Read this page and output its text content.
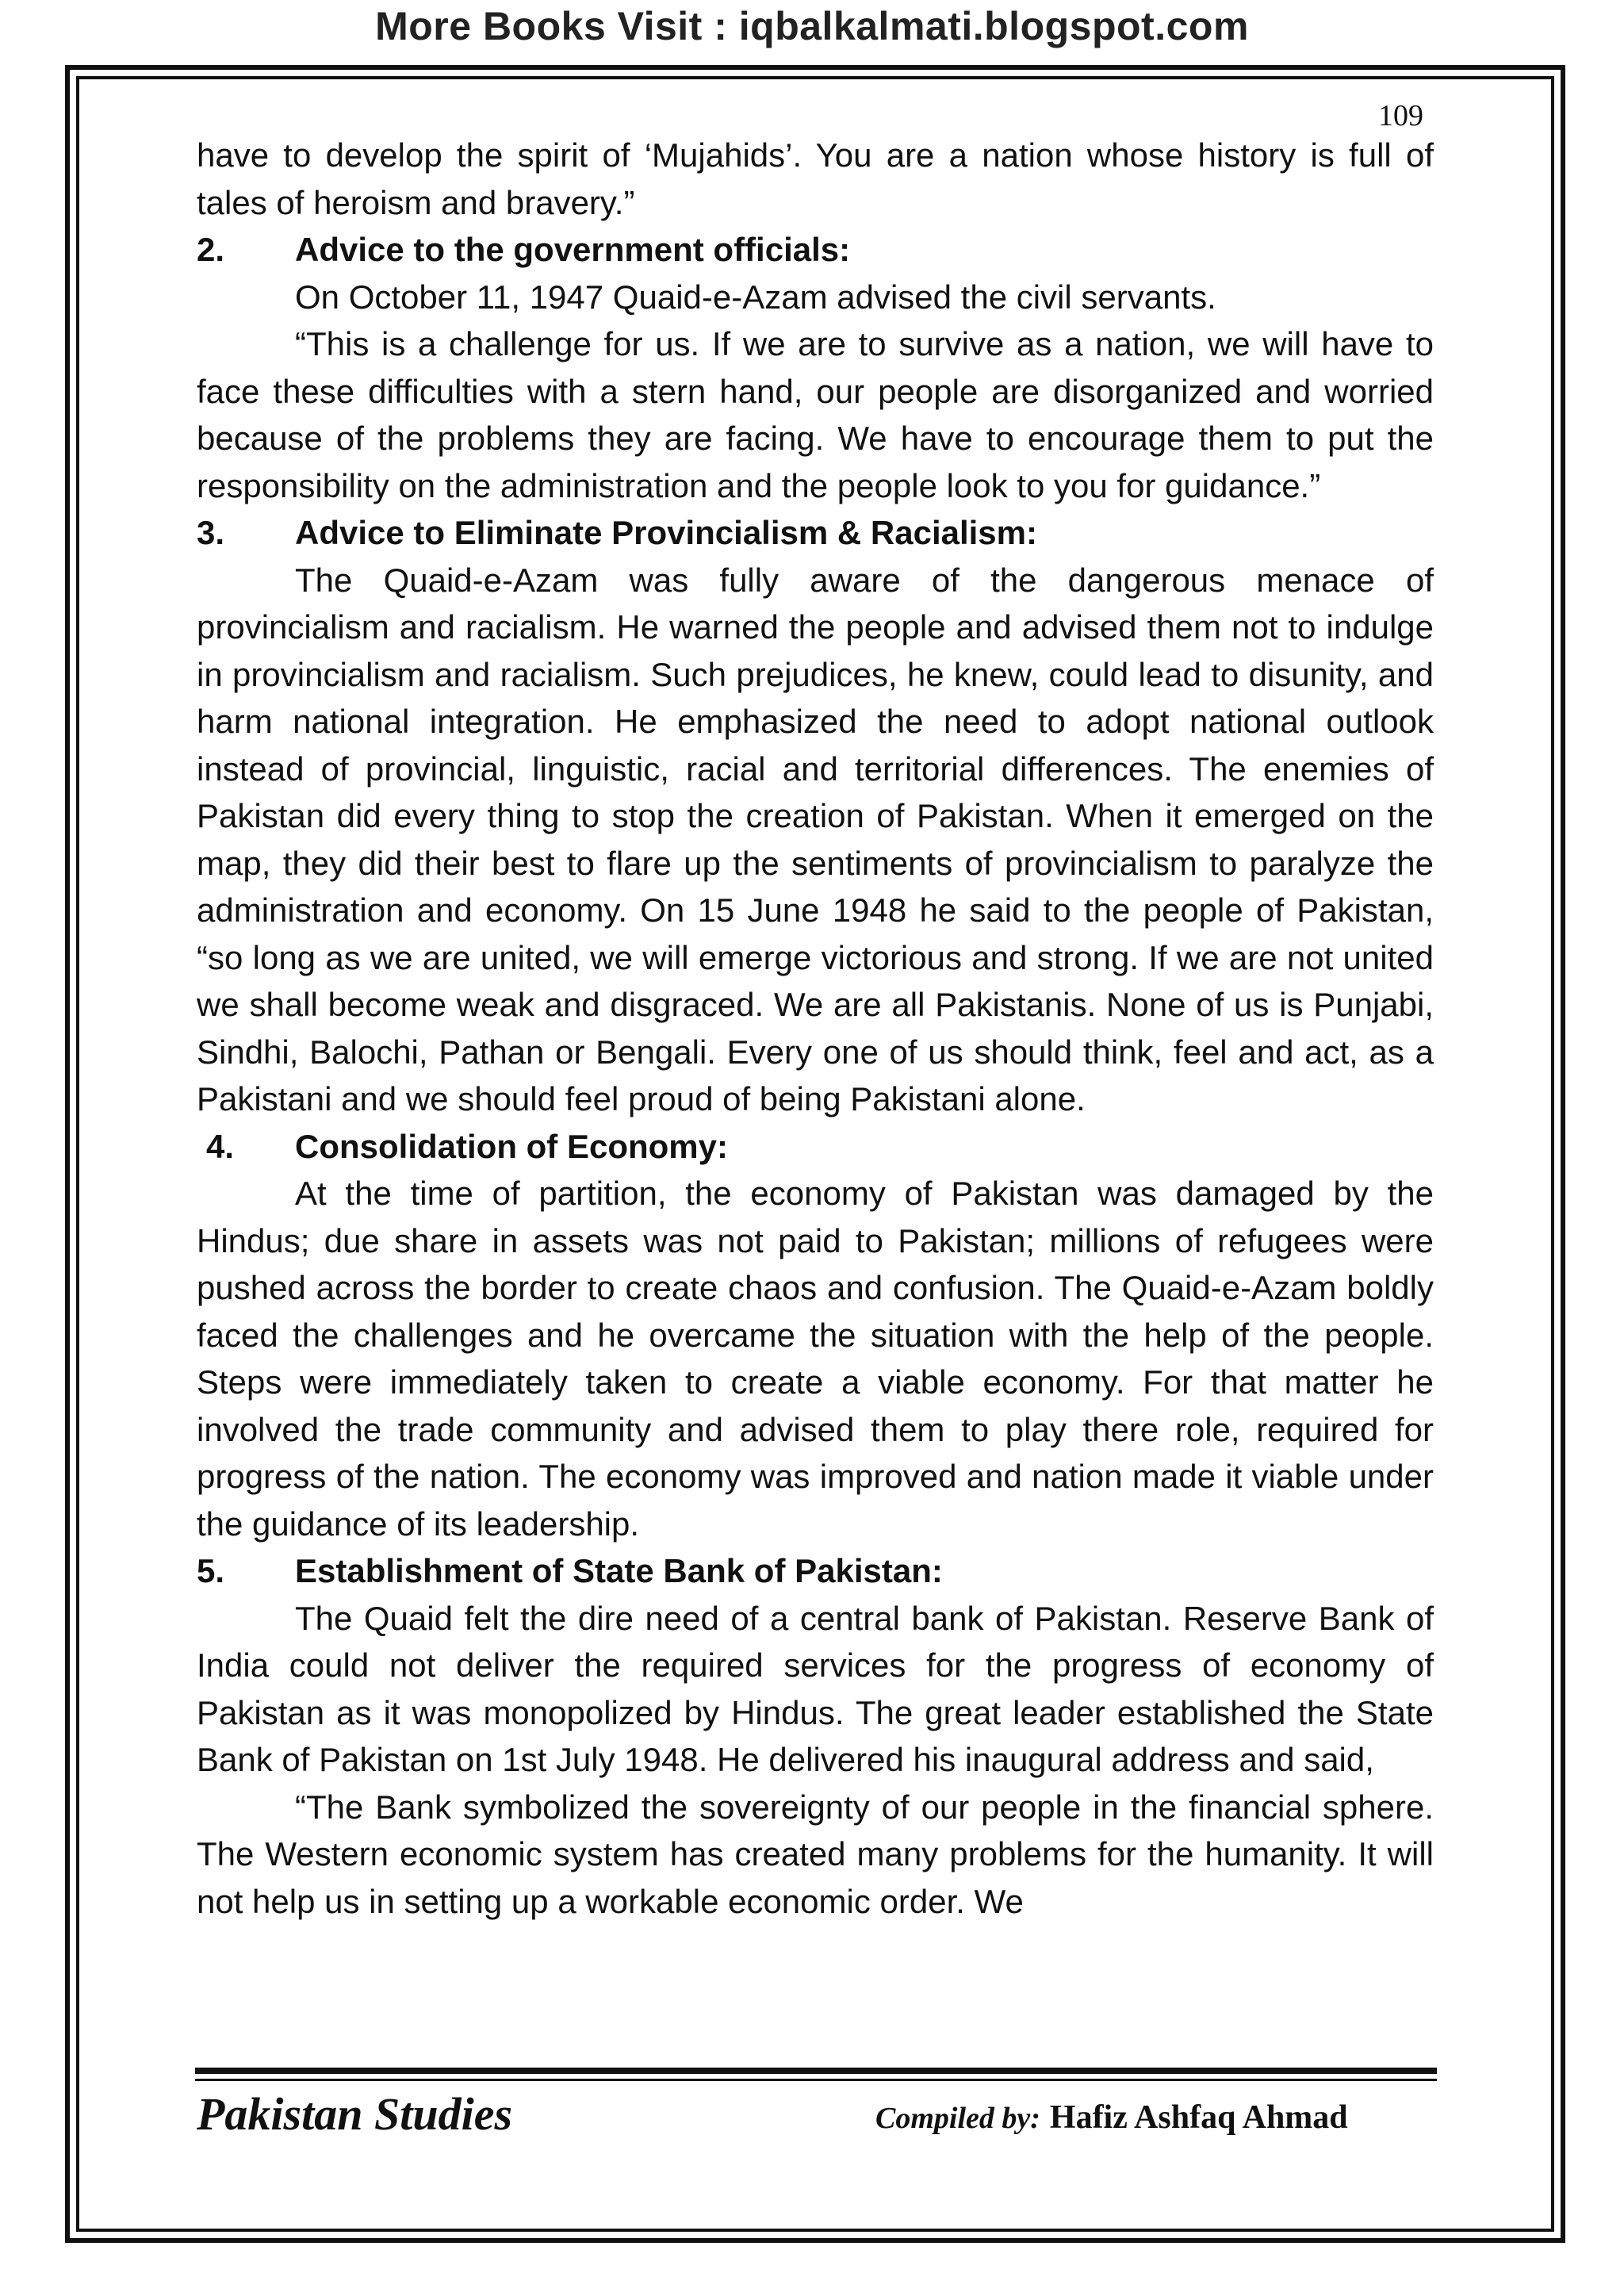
More Books Visit : iqbalkalmati.blogspot.com
109

have to develop the spirit of ‘Mujahids’. You are a nation whose history is full of tales of heroism and bravery.”

2. Advice to the government officials:

On October 11, 1947 Quaid-e-Azam advised the civil servants.

“This is a challenge for us. If we are to survive as a nation, we will have to face these difficulties with a stern hand, our people are disorganized and worried because of the problems they are facing. We have to encourage them to put the responsibility on the administration and the people look to you for guidance.”

3. Advice to Eliminate Provincialism & Racialism:

The Quaid-e-Azam was fully aware of the dangerous menace of provincialism and racialism. He warned the people and advised them not to indulge in provincialism and racialism. Such prejudices, he knew, could lead to disunity, and harm national integration. He emphasized the need to adopt national outlook instead of provincial, linguistic, racial and territorial differences. The enemies of Pakistan did every thing to stop the creation of Pakistan. When it emerged on the map, they did their best to flare up the sentiments of provincialism to paralyze the administration and economy. On 15 June 1948 he said to the people of Pakistan, “so long as we are united, we will emerge victorious and strong. If we are not united we shall become weak and disgraced. We are all Pakistanis. None of us is Punjabi, Sindhi, Balochi, Pathan or Bengali. Every one of us should think, feel and act, as a Pakistani and we should feel proud of being Pakistani alone.

4. Consolidation of Economy:

At the time of partition, the economy of Pakistan was damaged by the Hindus; due share in assets was not paid to Pakistan; millions of refugees were pushed across the border to create chaos and confusion. The Quaid-e-Azam boldly faced the challenges and he overcame the situation with the help of the people. Steps were immediately taken to create a viable economy. For that matter he involved the trade community and advised them to play there role, required for progress of the nation. The economy was improved and nation made it viable under the guidance of its leadership.

5. Establishment of State Bank of Pakistan:

The Quaid felt the dire need of a central bank of Pakistan. Reserve Bank of India could not deliver the required services for the progress of economy of Pakistan as it was monopolized by Hindus. The great leader established the State Bank of Pakistan on 1st July 1948. He delivered his inaugural address and said,

“The Bank symbolized the sovereignty of our people in the financial sphere. The Western economic system has created many problems for the humanity. It will not help us in setting up a workable economic order. We

Pakistan Studies	Compiled by: Hafiz Ashfaq Ahmad
